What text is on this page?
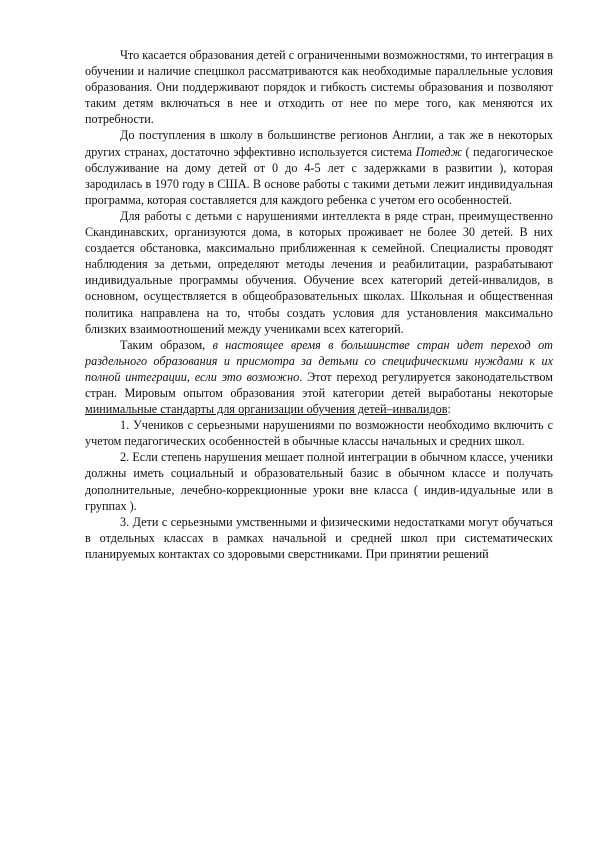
Что касается образования детей с ограниченными возможностями, то интеграция в обучении и наличие спецшкол рассматриваются как необходимые параллельные условия образования. Они поддерживают порядок и гибкость системы образования и позволяют таким детям включаться в нее и отходить от нее по мере того, как меняются их потребности.

До поступления в школу в большинстве регионов Англии, а так же в некоторых других странах, достаточно эффективно используется система Потедж ( педагогическое обслуживание на дому детей от 0 до 4-5 лет с задержками в развитии ), которая зародилась в 1970 году в США. В основе работы с такими детьми лежит индивидуальная программа, которая составляется для каждого ребенка с учетом его особенностей.

Для работы с детьми с нарушениями интеллекта в ряде стран, преимущественно Скандинавских, организуются дома, в которых проживает не более 30 детей. В них создается обстановка, максимально приближенная к семейной. Специалисты проводят наблюдения за детьми, определяют методы лечения и реабилитации, разрабатывают индивидуальные программы обучения. Обучение всех категорий детей-инвалидов, в основном, осуществляется в общеобразовательных школах. Школьная и общественная политика направлена на то, чтобы создать условия для установления максимально близких взаимоотношений между учениками всех категорий.

Таким образом, в настоящее время в большинстве стран идет переход от раздельного образования и присмотра за детьми со специфическими нуждами к их полной интеграции, если это возможно. Этот переход регулируется законодательством стран. Мировым опытом образования этой категории детей выработаны некоторые минимальные стандарты для организации обучения детей–инвалидов:

1. Учеников с серьезными нарушениями по возможности необходимо включить с учетом педагогических особенностей в обычные классы начальных и средних школ.

2. Если степень нарушения мешает полной интеграции в обычном классе, ученики должны иметь социальный и образовательный базис в обычном классе и получать дополнительные, лечебно-коррекционные уроки вне класса ( индив-идуальные или в группах ).

3. Дети с серьезными умственными и физическими недостатками могут обучаться в отдельных классах в рамках начальной и средней школ при систематических планируемых контактах со здоровыми сверстниками. При принятии решений
